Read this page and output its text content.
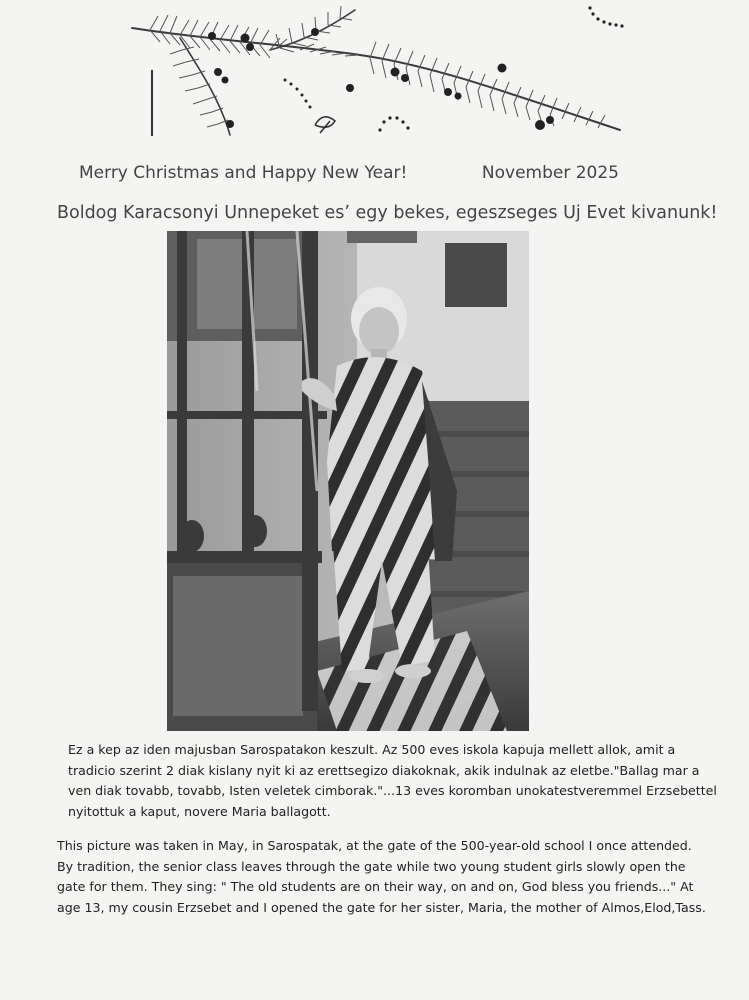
Merry Christmas and Happy New Year!	November 2025
Boldog Karacsonyi Unnepeket esʼ egy bekes, egeszseges Uj Evet kivanunk!
Ez a kep az iden majusban Sarospatakon keszult. Az 500 eves iskola kapuja mellett allok, amit a
tradicio szerint 2 diak kislany nyit ki az erettsegizo diakoknak, akik indulnak az eletbe."Ballag mar a
ven diak tovabb, tovabb, Isten veletek cimborak."...13 eves koromban unokatestveremmel Erzsebettel
nyitottuk a kaput, novere Maria ballagott.
This picture was taken in May, in Sarospatak, at the gate of the 500-year-old school I once attended.
By tradition, the senior class leaves through the gate while two young student girls slowly open the
gate for them. They sing: " The old students are on their way, on and on, God bless you friends..." At
age 13, my cousin Erzsebet and I opened the gate for her sister, Maria, the mother of Almos,Elod,Tass.
